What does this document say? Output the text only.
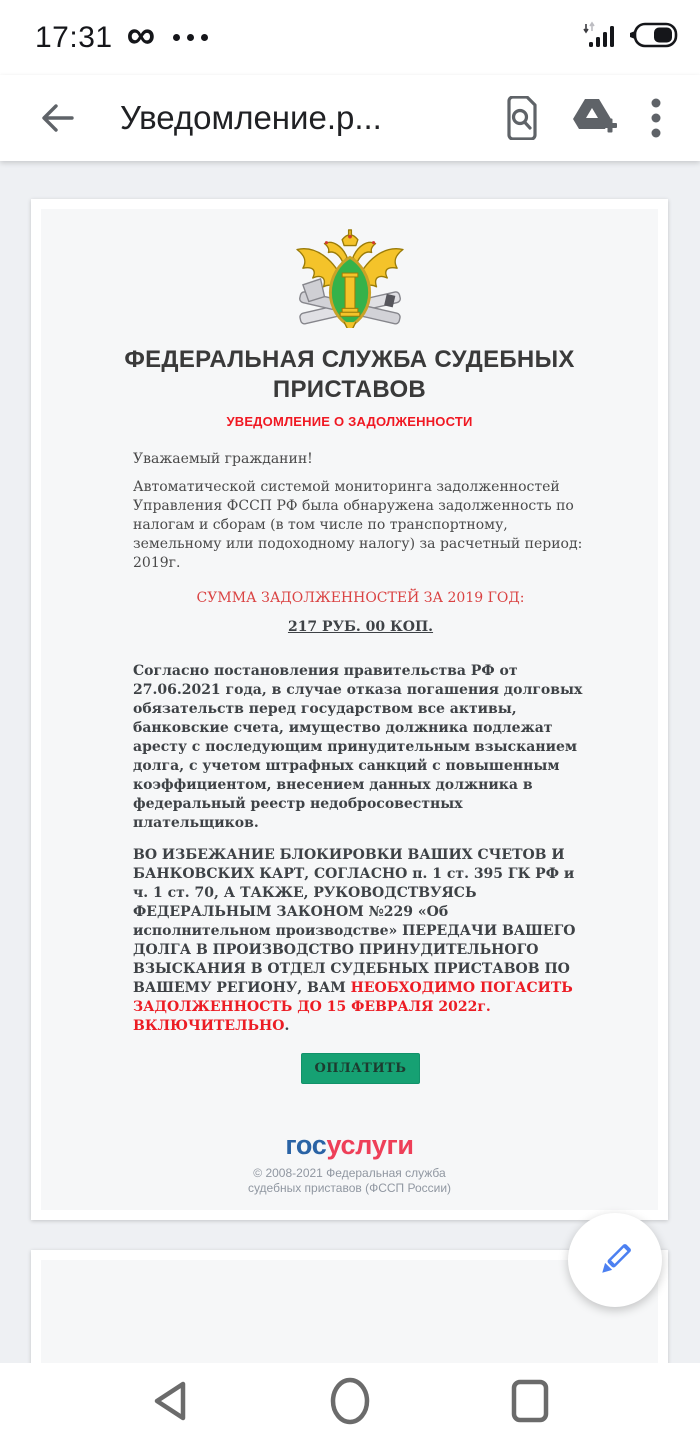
17:31 ∞
Уведомление.р...
ФЕДЕРАЛЬНАЯ СЛУЖБА СУДЕБНЫХ ПРИСТАВОВ
УВЕДОМЛЕНИЕ О ЗАДОЛЖЕННОСТИ

Уважаемый гражданин!

Автоматической системой мониторинга задолженностей Управления ФССП РФ была обнаружена задолженность по налогам и сборам (в том числе по транспортному, земельному или подоходному налогу) за расчетный период: 2019г.

СУММА ЗАДОЛЖЕННОСТЕЙ ЗА 2019 ГОД:

217 РУБ. 00 КОП.

Согласно постановления правительства РФ от 27.06.2021 года, в случае отказа погашения долговых обязательств перед государством все активы, банковские счета, имущество должника подлежат аресту с последующим принудительным взысканием долга, с учетом штрафных санкций с повышенным коэффициентом, внесением данных должника в федеральный реестр недобросовестных плательщиков.

ВО ИЗБЕЖАНИЕ БЛОКИРОВКИ ВАШИХ СЧЕТОВ И БАНКОВСКИХ КАРТ, СОГЛАСНО п. 1 ст. 395 ГК РФ и ч. 1 ст. 70, А ТАКЖЕ, РУКОВОДСТВУЯСЬ ФЕДЕРАЛЬНЫМ ЗАКОНОМ №229 «Об исполнительном производстве» ПЕРЕДАЧИ ВАШЕГО ДОЛГА В ПРОИЗВОДСТВО ПРИНУДИТЕЛЬНОГО ВЗЫСКАНИЯ В ОТДЕЛ СУДЕБНЫХ ПРИСТАВОВ ПО ВАШЕМУ РЕГИОНУ, ВАМ НЕОБХОДИМО ПОГАСИТЬ ЗАДОЛЖЕННОСТЬ ДО 15 ФЕВРАЛЯ 2022г. ВКЛЮЧИТЕЛЬНО.

ОПЛАТИТЬ
госуслуги
© 2008-2021 Федеральная служба
судебных приставов (ФССП России)
